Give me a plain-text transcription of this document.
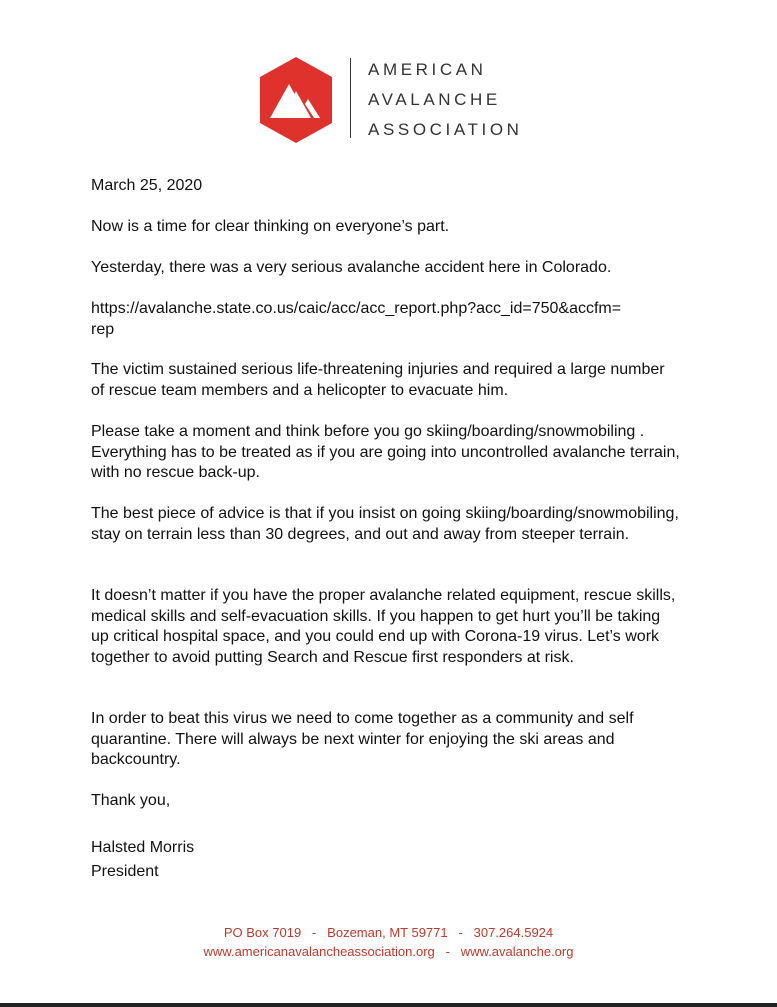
AMERICAN
AVALANCHE
ASSOCIATION
March 25, 2020
Now is a time for clear thinking on everyone’s part.
Yesterday, there was a very serious avalanche accident here in Colorado.

https://avalanche.state.co.us/caic/acc/acc_report.php?acc_id=750&accfm=

rep

The victim sustained serious life-threatening injuries and required a large number of rescue team members and a helicopter to evacuate him.
Please take a moment and think before you go skiing/boarding/snowmobiling . Everything has to be treated as if you are going into uncontrolled avalanche terrain, with no rescue back-up.
The best piece of advice is that if you insist on going skiing/boarding/snowmobiling, stay on terrain less than 30 degrees, and out and away from steeper terrain.
It doesn’t matter if you have the proper avalanche related equipment, rescue skills, medical skills and self-evacuation skills. If you happen to get hurt you’ll be taking up critical hospital space, and you could end up with Corona-19 virus. Let’s work together to avoid putting Search and Rescue first responders at risk.
In order to beat this virus we need to come together as a community and self quarantine. There will always be next winter for enjoying the ski areas and backcountry.
Thank you,
Halsted Morris
President
PO Box 7019   -   Bozeman, MT 59771   -   307.264.5924
www.americanavalancheassociation.org   -   www.avalanche.org
